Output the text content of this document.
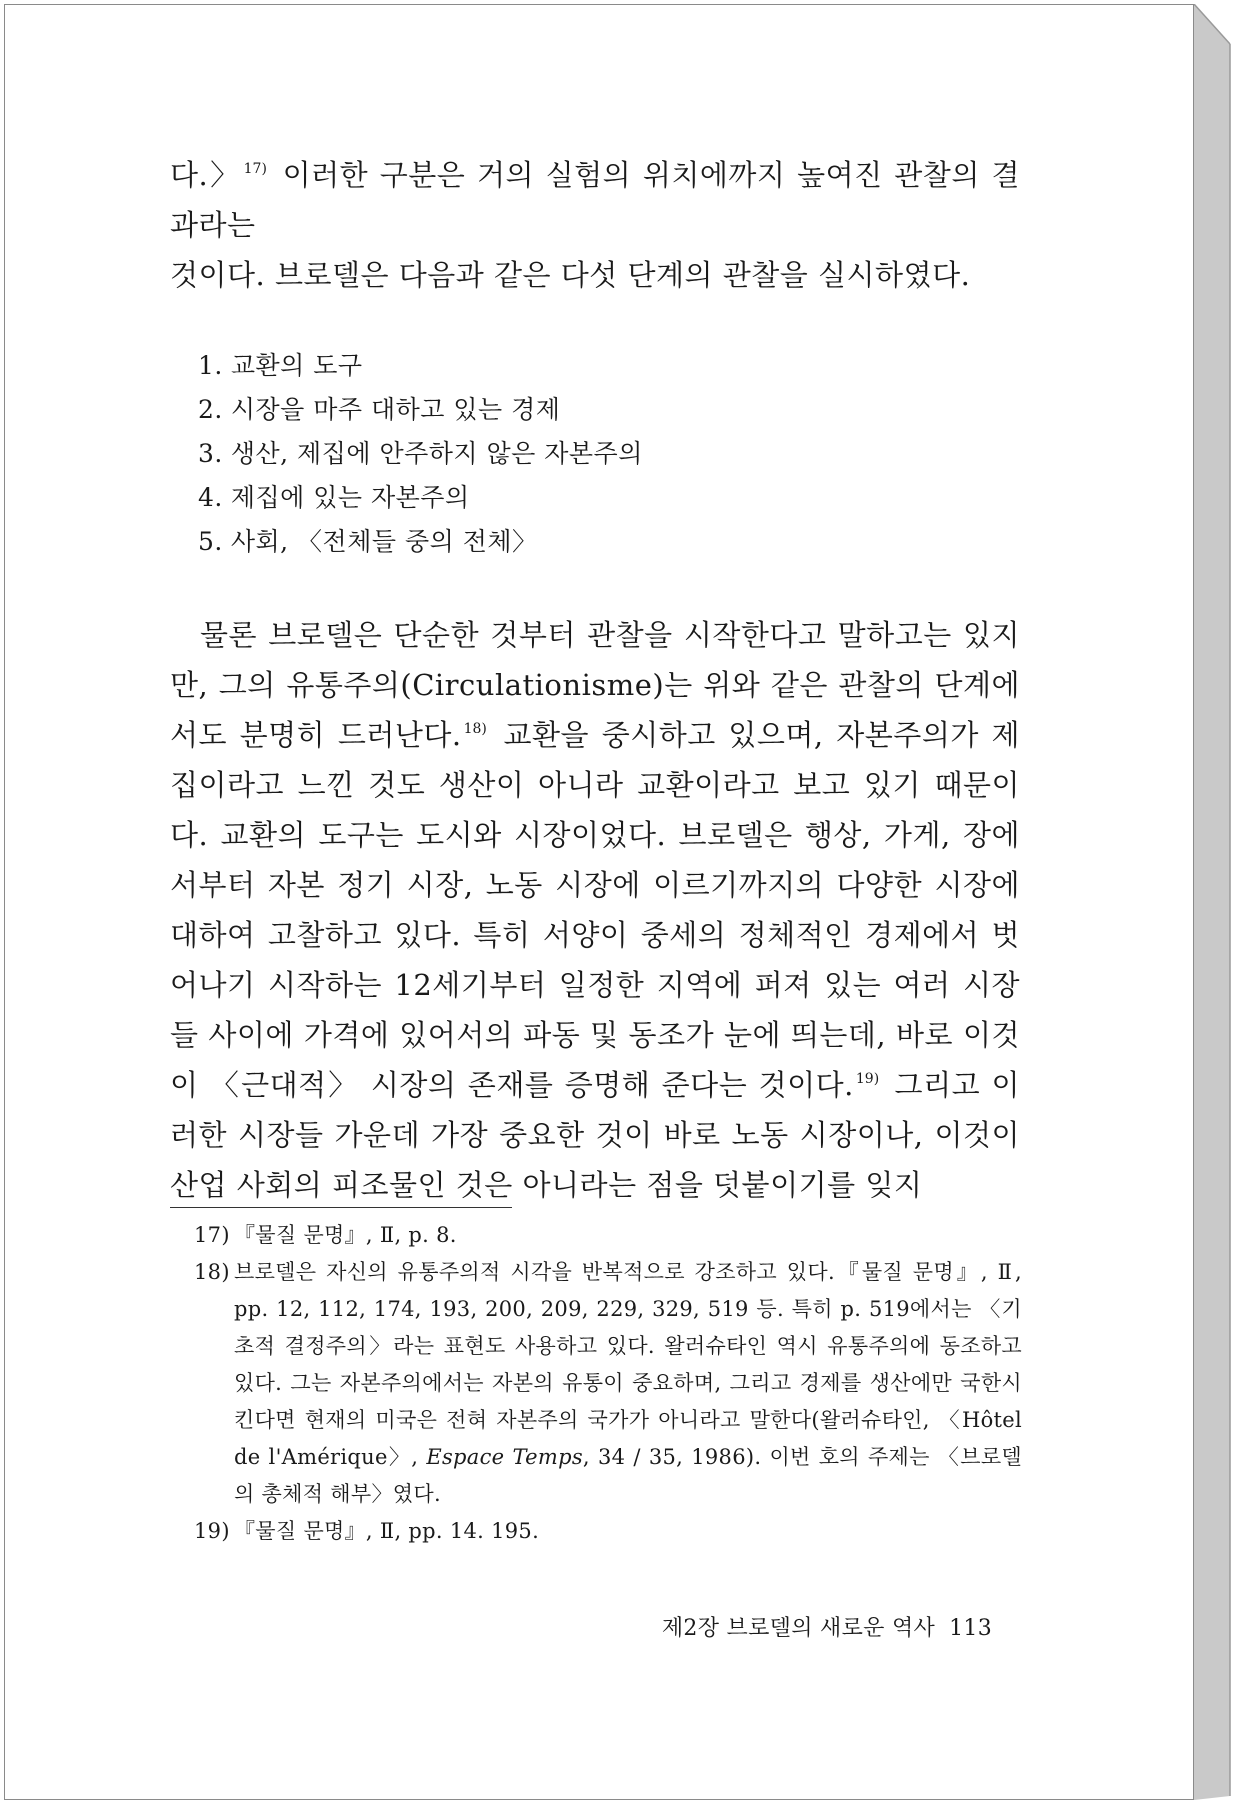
다.〉 $^{17)}$ 이러한 구분은 거의 실험의 위치에까지 높여진 관찰의 결과라는
것이다. 브로델은 다음과 같은 다섯 단계의 관찰을 실시하였다.

1. 교환의 도구
2. 시장을 마주 대하고 있는 경제
3. 생산, 제집에 안주하지 않은 자본주의
4. 제집에 있는 자본주의
5. 사회, 〈전체들 중의 전체〉

물론 브로델은 단순한 것부터 관찰을 시작한다고 말하고는 있지만, 그의 유통주의(Circulationisme)는 위와 같은 관찰의 단계에서도 분명히 드러난다. $^{18)}$ 교환을 중시하고 있으며, 자본주의가 제집이라고 느낀 것도 생산이 아니라 교환이라고 보고 있기 때문이다. 교환의 도구는 도시와 시장이었다. 브로델은 행상, 가게, 장에서부터 자본 정기 시장, 노동 시장에 이르기까지의 다양한 시장에 대하여 고찰하고 있다. 특히 서양이 중세의 정체적인 경제에서 벗어나기 시작하는 12세기부터 일정한 지역에 퍼져 있는 여러 시장들 사이에 가격에 있어서의 파동 및 동조가 눈에 띄는데, 바로 이것이 〈근대적〉 시장의 존재를 증명해 준다는 것이다. $^{19)}$ 그리고 이러한 시장들 가운데 가장 중요한 것이 바로 노동 시장이나, 이것이 산업 사회의 피조물인 것은 아니라는 점을 덧붙이기를 잊지

17) 『물질 문명』, Ⅱ, p. 8.
18) 브로델은 자신의 유통주의적 시각을 반복적으로 강조하고 있다.『물질 문명』, Ⅱ, pp. 12, 112, 174, 193, 200, 209, 229, 329, 519 등. 특히 p. 519에서는 〈기초적 결정주의〉라는 표현도 사용하고 있다. 왈러슈타인 역시 유통주의에 동조하고 있다. 그는 자본주의에서는 자본의 유통이 중요하며, 그리고 경제를 생산에만 국한시킨다면 현재의 미국은 전혀 자본주의 국가가 아니라고 말한다(왈러슈타인, 〈Hôtel de l'Amérique〉, Espace Temps, 34 / 35, 1986). 이번 호의 주제는 〈브로델의 총체적 해부〉였다.
19) 『물질 문명』, Ⅱ, pp. 14. 195.
제2장 브로델의 새로운 역사 113
